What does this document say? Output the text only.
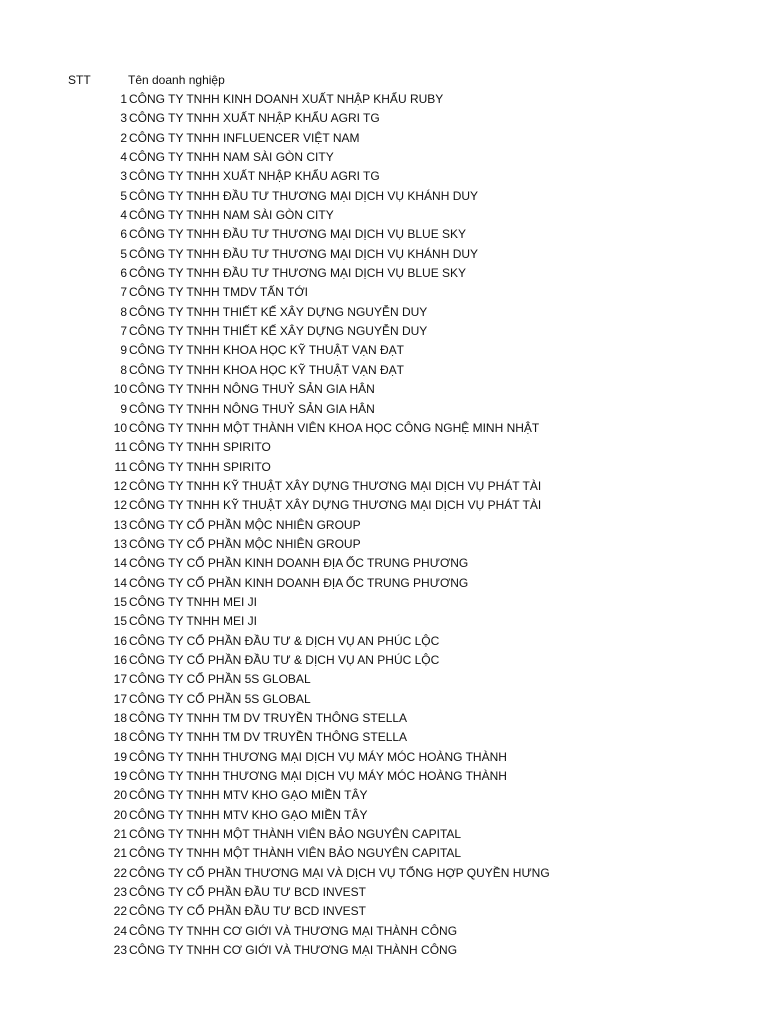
STT	Tên doanh nghiệp
1 CÔNG TY TNHH KINH DOANH XUẤT NHẬP KHẨU RUBY
3 CÔNG TY TNHH XUẤT NHẬP KHẨU AGRI TG
2 CÔNG TY TNHH INFLUENCER VIỆT NAM
4 CÔNG TY TNHH NAM SÀI GÒN CITY
3 CÔNG TY TNHH XUẤT NHẬP KHẨU AGRI TG
5 CÔNG TY TNHH ĐẦU TƯ THƯƠNG MẠI DỊCH VỤ KHÁNH DUY
4 CÔNG TY TNHH NAM SÀI GÒN CITY
6 CÔNG TY TNHH ĐẦU TƯ THƯƠNG MẠI DỊCH VỤ BLUE SKY
5 CÔNG TY TNHH ĐẦU TƯ THƯƠNG MẠI DỊCH VỤ KHÁNH DUY
6 CÔNG TY TNHH ĐẦU TƯ THƯƠNG MẠI DỊCH VỤ BLUE SKY
7 CÔNG TY TNHH TMDV TẤN TỚI
8 CÔNG TY TNHH THIẾT KẾ XÂY DỰNG NGUYỄN DUY
7 CÔNG TY TNHH THIẾT KẾ XÂY DỰNG NGUYỄN DUY
9 CÔNG TY TNHH KHOA HỌC KỸ THUẬT VẠN ĐẠT
8 CÔNG TY TNHH KHOA HỌC KỸ THUẬT VẠN ĐẠT
10 CÔNG TY TNHH NÔNG THUỶ SẢN GIA HÂN
9 CÔNG TY TNHH NÔNG THUỶ SẢN GIA HÂN
10 CÔNG TY TNHH MỘT THÀNH VIÊN KHOA HỌC CÔNG NGHỆ MINH NHẬT
11 CÔNG TY TNHH SPIRITO
11 CÔNG TY TNHH SPIRITO
12 CÔNG TY TNHH KỸ THUẬT XÂY DỰNG THƯƠNG MẠI DỊCH VỤ PHÁT TÀI
12 CÔNG TY TNHH KỸ THUẬT XÂY DỰNG THƯƠNG MẠI DỊCH VỤ PHÁT TÀI
13 CÔNG TY CỔ PHẦN MỘC NHIÊN GROUP
13 CÔNG TY CỔ PHẦN MỘC NHIÊN GROUP
14 CÔNG TY CỔ PHẦN KINH DOANH ĐỊA ỐC TRUNG PHƯƠNG
14 CÔNG TY CỔ PHẦN KINH DOANH ĐỊA ỐC TRUNG PHƯƠNG
15 CÔNG TY TNHH MEI JI
15 CÔNG TY TNHH MEI JI
16 CÔNG TY CỔ PHẦN ĐẦU TƯ & DỊCH VỤ AN PHÚC LỘC
16 CÔNG TY CỔ PHẦN ĐẦU TƯ & DỊCH VỤ AN PHÚC LỘC
17 CÔNG TY CỔ PHẦN 5S GLOBAL
17 CÔNG TY CỔ PHẦN 5S GLOBAL
18 CÔNG TY TNHH TM DV TRUYỀN THÔNG STELLA
18 CÔNG TY TNHH TM DV TRUYỀN THÔNG STELLA
19 CÔNG TY TNHH THƯƠNG MẠI DỊCH VỤ MÁY MÓC HOÀNG THÀNH
19 CÔNG TY TNHH THƯƠNG MẠI DỊCH VỤ MÁY MÓC HOÀNG THÀNH
20 CÔNG TY TNHH MTV KHO GẠO MIỀN TÂY
20 CÔNG TY TNHH MTV KHO GẠO MIỀN TÂY
21 CÔNG TY TNHH MỘT THÀNH VIÊN BẢO NGUYÊN CAPITAL
21 CÔNG TY TNHH MỘT THÀNH VIÊN BẢO NGUYÊN CAPITAL
22 CÔNG TY CỔ PHẦN THƯƠNG MẠI VÀ DỊCH VỤ TỔNG HỢP QUYỀN HƯNG
23 CÔNG TY CỔ PHẦN ĐẦU TƯ BCD INVEST
22 CÔNG TY CỔ PHẦN ĐẦU TƯ BCD INVEST
24 CÔNG TY TNHH CƠ GIỚI VÀ THƯƠNG MẠI THÀNH CÔNG
23 CÔNG TY TNHH CƠ GIỚI VÀ THƯƠNG MẠI THÀNH CÔNG
